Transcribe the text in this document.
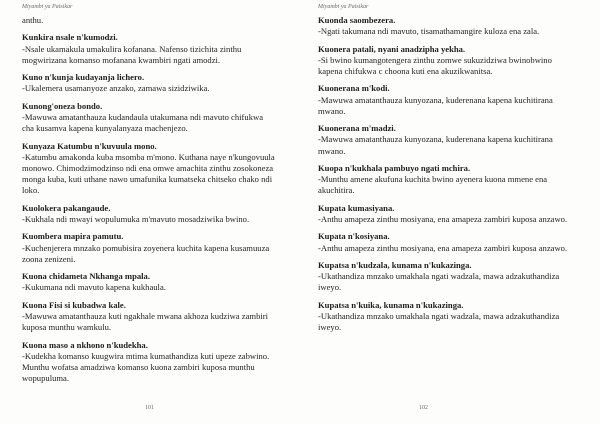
Miyambi ya Patsikar

anthu.

Kunkira nsale n'kumodzi.

-Nsale ukamakula umakulira kofanana. Nafenso tizichita zinthu mogwirizana komanso mofanana kwambiri ngati amodzi.

Kuno n'kunja kudayanja lichero.

-Ukalemera usamanyoze anzako, zamawa sizidziwika.

Kunong'oneza bondo.

-Mawuwa amatanthauza kudandaula utakumana ndi mavuto chifukwa cha kusamva kapena kunyalanyaza machenjezo.

Kunyaza Katumbu n'kuvuula mono.

-Katumbu amakonda kuba msomba m'mono. Kuthana naye n'kungovuula monowo. Chimodzimodzinso ndi ena omwe amachita zinthu zosokoneza monga kuba, kuti uthane nawo umafunika kumatseka chitseko chako ndi loko.

Kuolokera pakangaude.

-Kukhala ndi mwayi wopulumuka m'mavuto mosadziwika bwino.

Kuombera mapira pamutu.

-Kuchenjerera mnzako pomubisira zoyenera kuchita kapena kusamuuza zoona zenizeni.

Kuona chidameta Nkhanga mpala.

-Kukumana ndi mavuto kapena kukhaula.

Kuona Fisi si kubadwa kale.

-Mawuwa amatanthauza kuti ngakhale mwana akhoza kudziwa zambiri kuposa munthu wamkulu.

Kuona maso a nkhono n'kudekha.

-Kudekha komanso kuugwira mtima kumathandiza kuti upeze zabwino. Munthu wofatsa amadziwa komanso kuona zambiri kuposa munthu wopupuluma.

101
Miyambi ya Patsikar

Kuonda saombezera.

-Ngati takumana ndi mavuto, tisamathamangire kuloza ena zala.

Kuonera patali, nyani anadzipha yekha.

-Si bwino kumangotengera zinthu zomwe sukuzidziwa bwinobwino kapena chifukwa c choona kuti ena akuzikwanitsa.

Kuonerana m'kodi.

-Mawuwa amatanthauza kunyozana, kuderenana kapena kuchitirana mwano.

Kuonerana m'madzi.

-Mawuwa amatanthauza kunyozana, kuderenana kapena kuchitirana mwano.

Kuopa n'kukhala pambuyo ngati mchira.

-Munthu amene akufuna kuchita bwino ayenera kuona mmene ena akuchitira.

Kupata kumasiyana.

-Anthu amapeza zinthu mosiyana, ena amapeza zambiri kuposa anzawo.

Kupata n'kosiyana.

-Anthu amapeza zinthu mosiyana, ena amapeza zambiri kuposa anzawo.

Kupatsa n'kudzala, kunama n'kukazinga.

-Ukathandiza mnzako umakhala ngati wadzala, mawa adzakuthandiza iweyo.

Kupatsa n'kuika, kunama n'kukazinga.

-Ukathandiza mnzako umakhala ngati wadzala, mawa adzakuthandiza iweyo.

102
